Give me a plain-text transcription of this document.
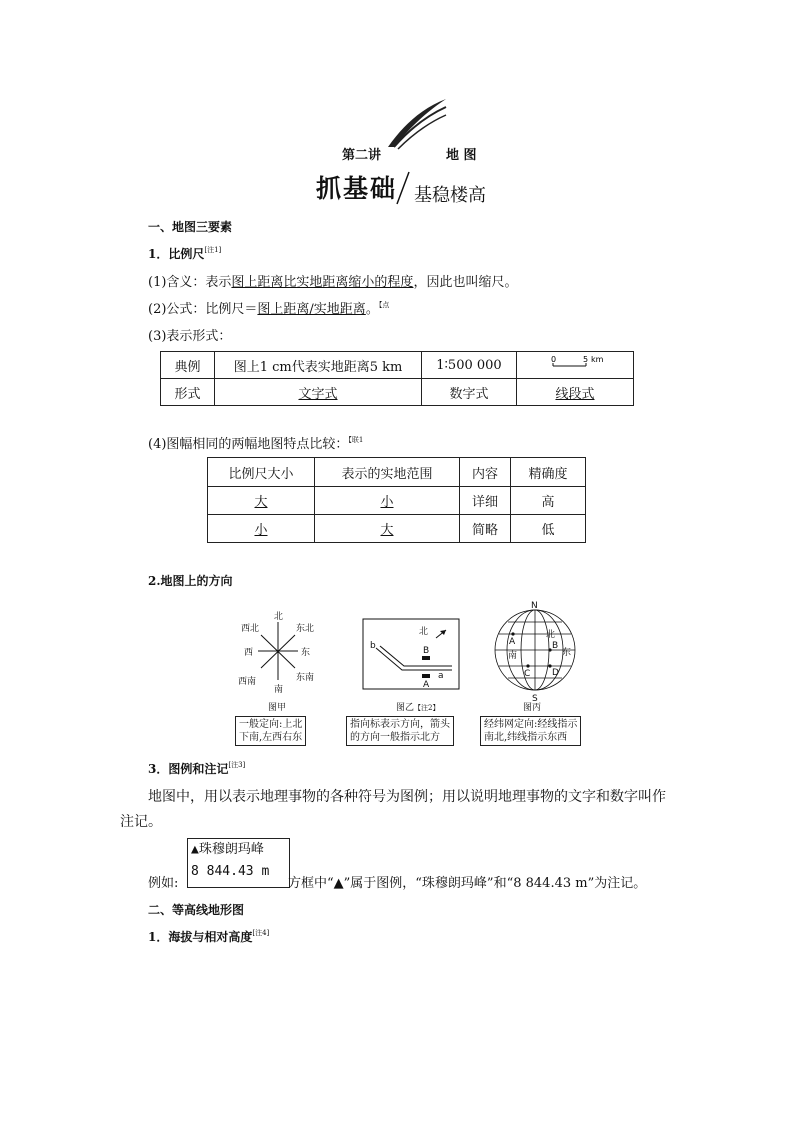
第二讲	地 图
抓基础 基稳楼高
一、地图三要素
1．比例尺[注1]
(1)含义：表示图上距离比实地距离缩小的程度，因此也叫缩尺。
(2)公式：比例尺＝图上距离/实地距离。$^{【点}$
(3)表示形式：
典例	图上1 cm代表实地距离5 km	1∶500 000	0 5 km

形式	文字式	数字式	线段式
(4)图幅相同的两幅地图特点比较：$^{【联1}$
比例尺大小	表示的实地范围	内容	精确度
大	小	详细	高
小	大	简略	低
2.地图上的方向
北
东北
西北
西	东
西南	东南
南
图甲
一般定向:上北
下南,左西右东
北
b	B
a
A
图乙【注2】
指向标表示方向，箭头
的方向一般指示北方
N
S
北
南	东
A	B
C D
图丙
经纬网定向:经线指示
南北,纬线指示东西
3．图例和注记[注3]
地图中，用以表示地理事物的各种符号为图例；用以说明地理事物的文字和数字叫作
注记。
▲珠穆朗玛峰
8 844.43 m
例如:	方框中“▲”属于图例，“珠穆朗玛峰”和“8 844.43 m”为注记。
二、等高线地形图
1．海拔与相对高度[注4]
